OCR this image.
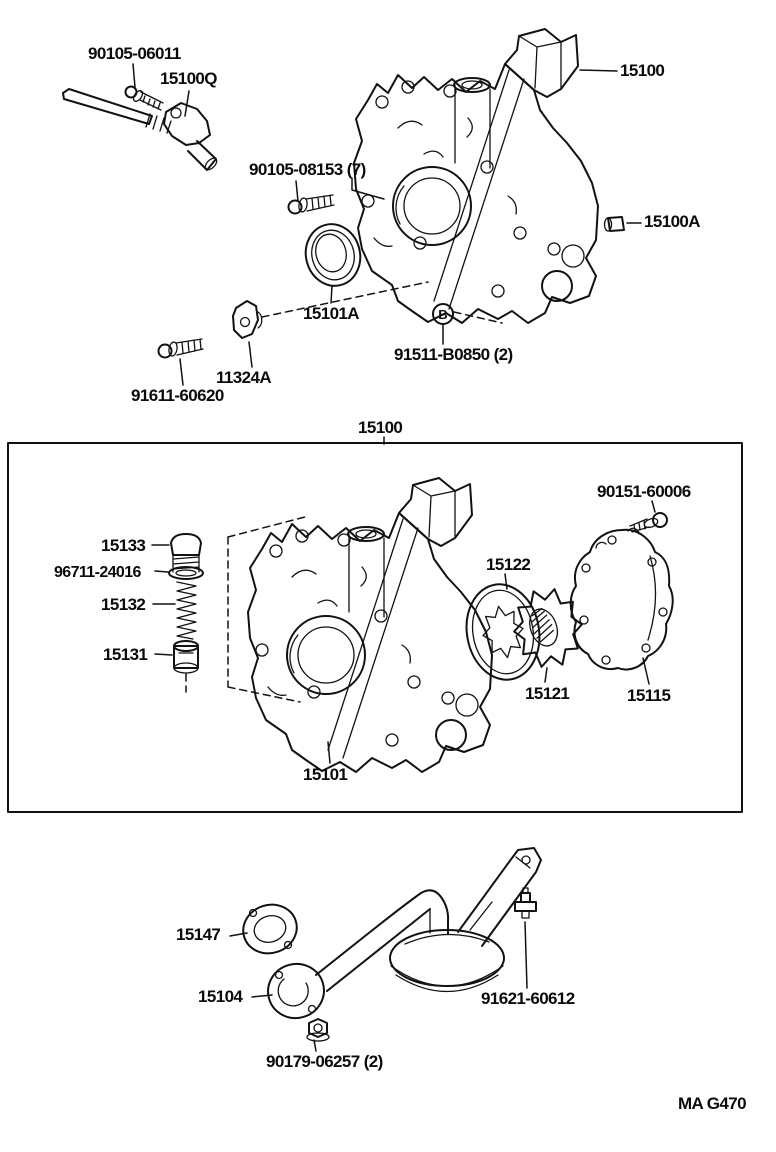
B
90105-06011
15100Q	15100
90105-08153 (7)
15100A
15101A
91511-B0850 (2)
11324A
91611-60620
15100
90151-60006
15133
96711-24016
15132
15131
15122
15121	15115
15101
15147
15104	91621-60612
90179-06257 (2)
MA G470
